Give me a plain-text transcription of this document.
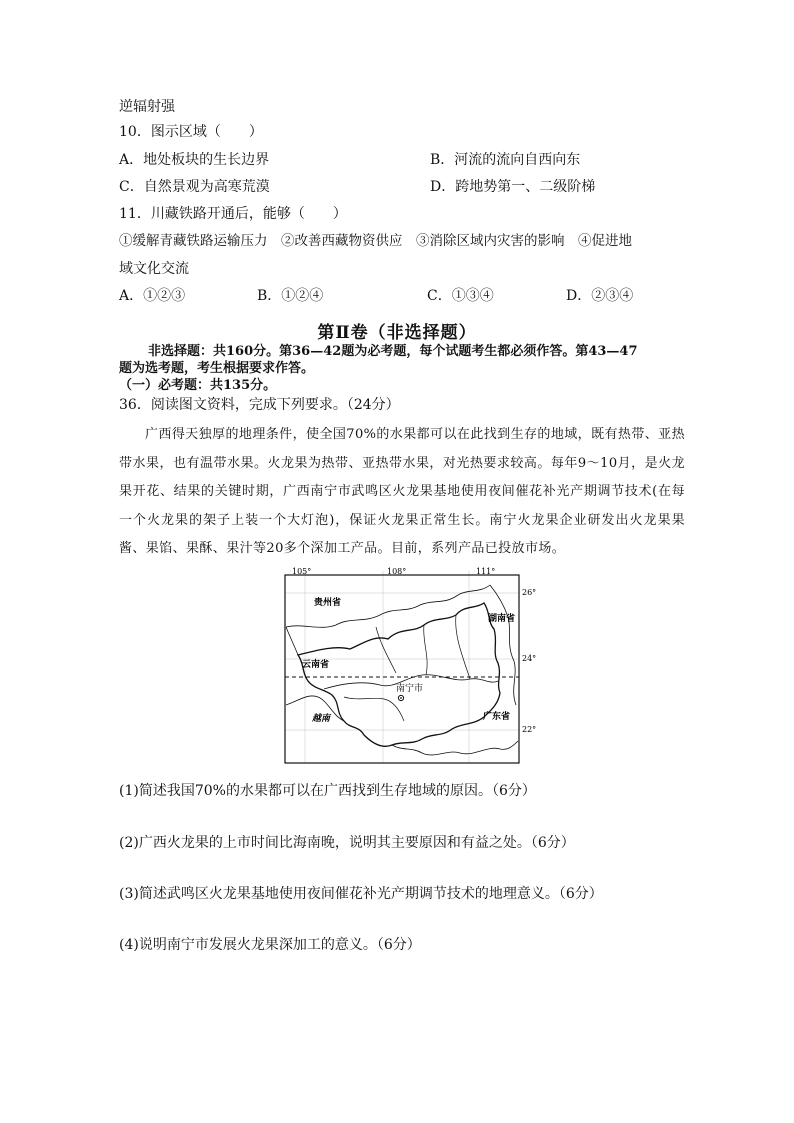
逆辐射强
10．图示区域（　　）
A．地处板块的生长边界	B．河流的流向自西向东
C．自然景观为高寒荒漠	D．跨地势第一、二级阶梯
11．川藏铁路开通后，能够（　　）
①缓解青藏铁路运输压力　②改善西藏物资供应　③消除区域内灾害的影响　④促进地
域文化交流
A．①②③	B．①②④	C．①③④	D．②③④
第Ⅱ卷（非选择题）
非选择题：共160分。第36—42题为必考题，每个试题考生都必须作答。第43—47
题为选考题，考生根据要求作答。
（一）必考题：共135分。
36．阅读图文资料，完成下列要求。（24分）

广西得天独厚的地理条件，使全国70%的水果都可以在此找到生存的地域，既有热带、亚热带水果，也有温带水果。火龙果为热带、亚热带水果，对光热要求较高。每年9～10月，是火龙果开花、结果的关键时期，广西南宁市武鸣区火龙果基地使用夜间催花补光产期调节技术(在每一个火龙果的架子上装一个大灯泡)，保证火龙果正常生长。南宁火龙果企业研发出火龙果果酱、果馅、果酥、果汁等20多个深加工产品。目前，系列产品已投放市场。

105°	108°	111°
26°
24°
22°
贵州省
湖南省
云南省
南宁市
广东省
越南
(1)简述我国70%的水果都可以在广西找到生存地域的原因。（6分）
(2)广西火龙果的上市时间比海南晚，说明其主要原因和有益之处。（6分）
(3)简述武鸣区火龙果基地使用夜间催花补光产期调节技术的地理意义。（6分）
(4)说明南宁市发展火龙果深加工的意义。（6分）
